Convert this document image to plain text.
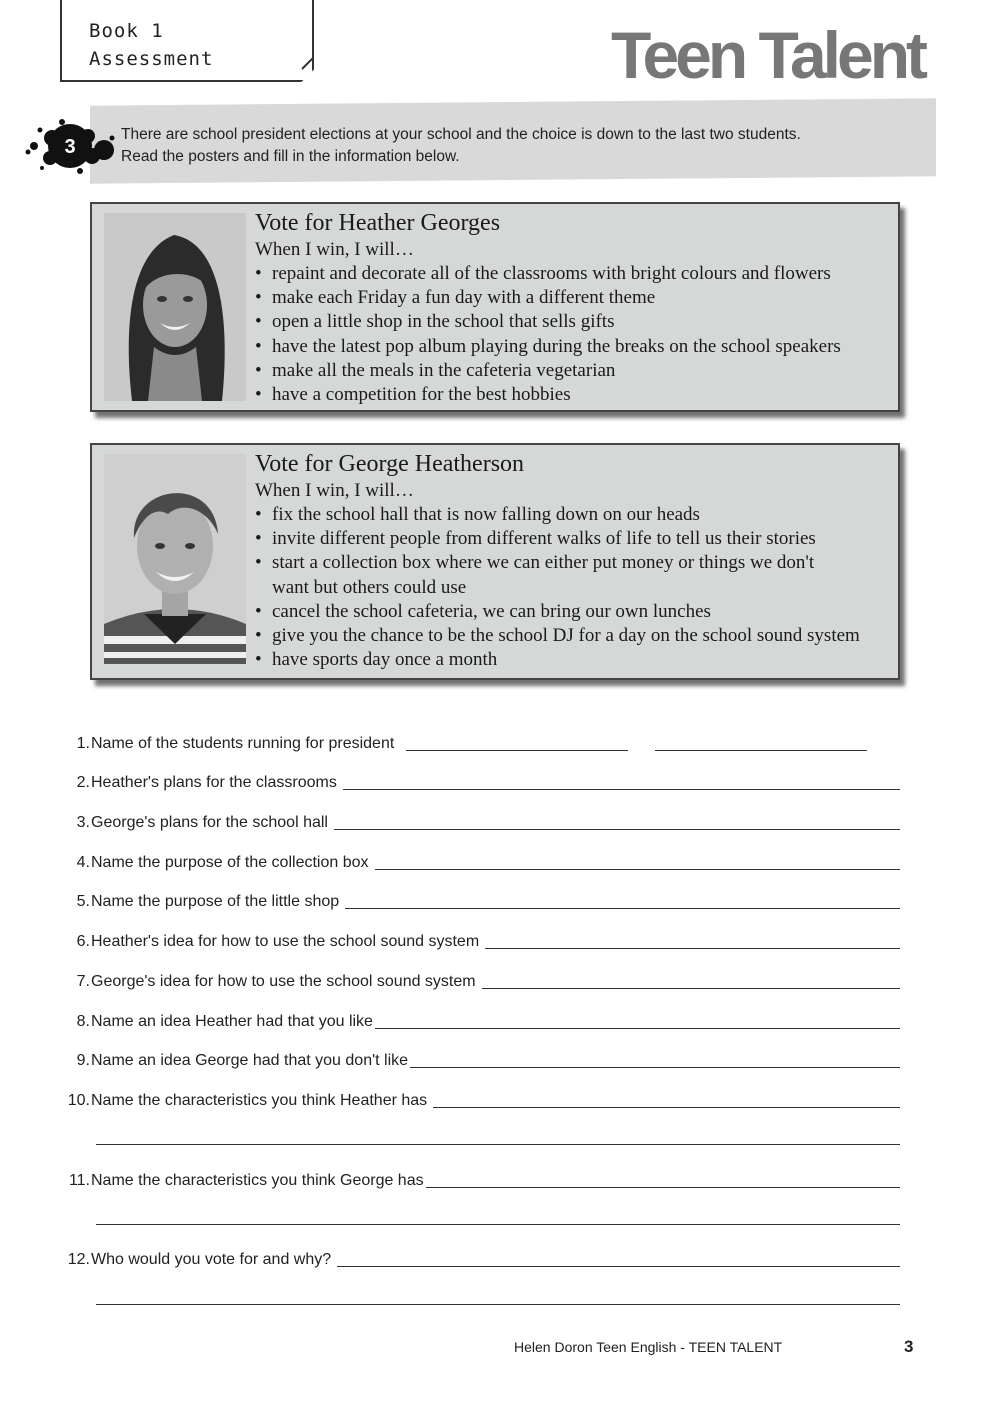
Book 1
Assessment	Teen Talent
3
There are school president elections at your school and the choice is down to the last two students.
Read the posters and fill in the information below.
Vote for Heather Georges
When I win, I will…
• repaint and decorate all of the classrooms with bright colours and flowers
• make each Friday a fun day with a different theme
• open a little shop in the school that sells gifts
• have the latest pop album playing during the breaks on the school speakers
• make all the meals in the cafeteria vegetarian
• have a competition for the best hobbies
Vote for George Heatherson
When I win, I will…
• fix the school hall that is now falling down on our heads
• invite different people from different walks of life to tell us their stories
• start a collection box where we can either put money or things we don't want but others could use
• cancel the school cafeteria, we can bring our own lunches
• give you the chance to be the school DJ for a day on the school sound system
• have sports day once a month
1. Name of the students running for president
2. Heather's plans for the classrooms
3. George's plans for the school hall
4. Name the purpose of the collection box
5. Name the purpose of the little shop
6. Heather's idea for how to use the school sound system
7. George's idea for how to use the school sound system
8. Name an idea Heather had that you like
9. Name an idea George had that you don't like
10. Name the characteristics you think Heather has
11. Name the characteristics you think George has
12. Who would you vote for and why?
Helen Doron Teen English - TEEN TALENT	3
